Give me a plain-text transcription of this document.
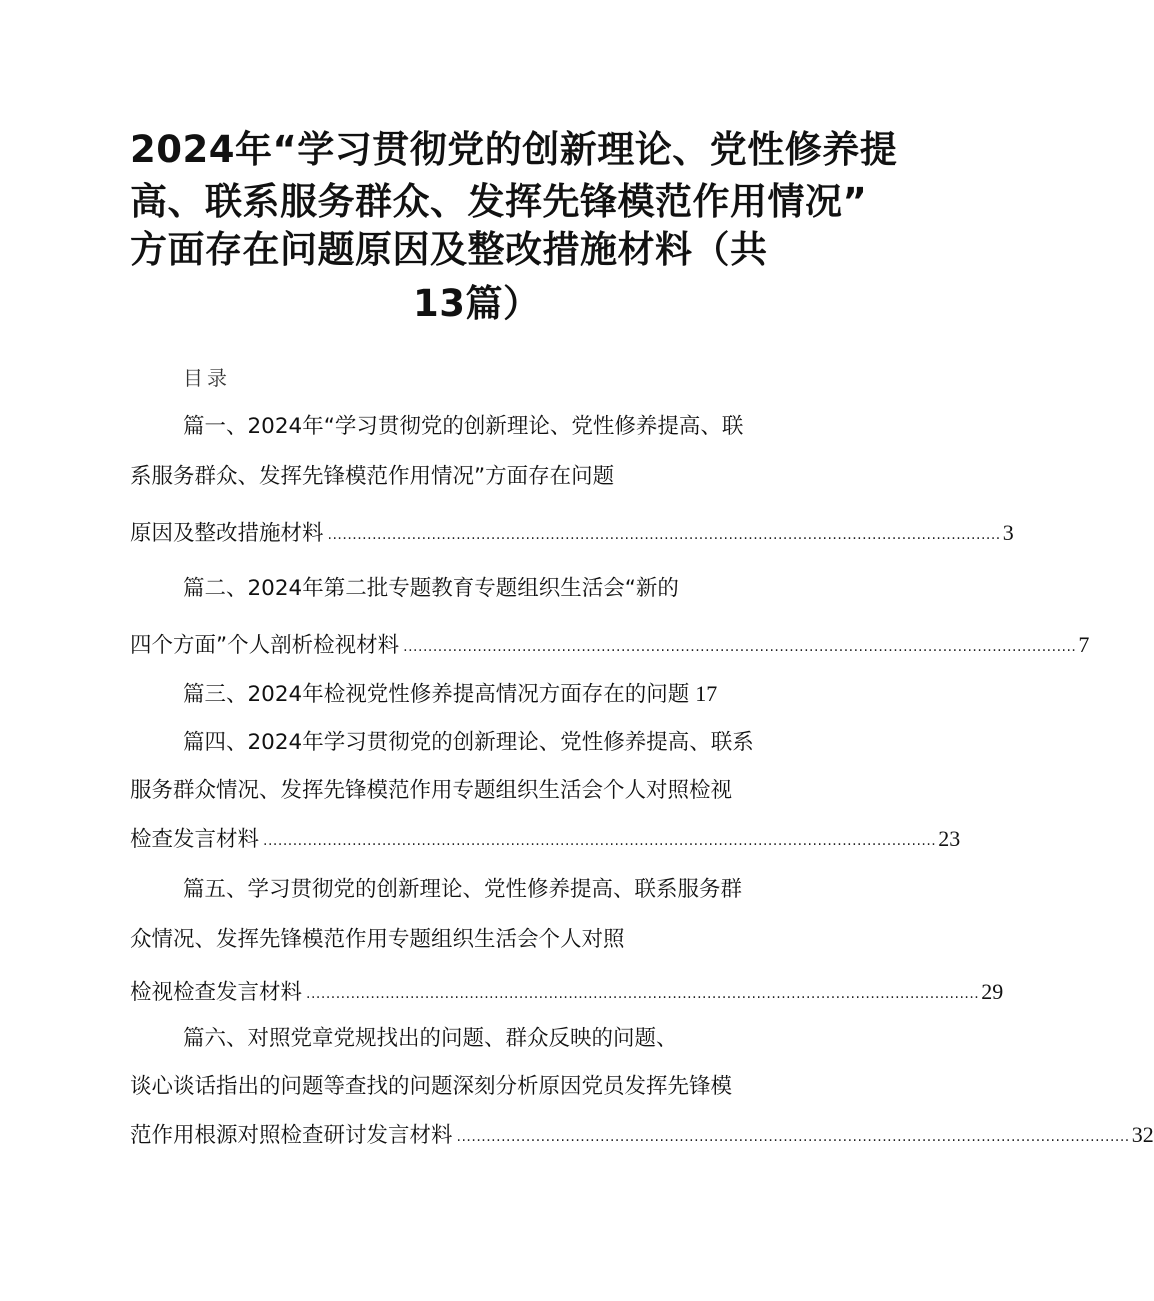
2024年“学习贯彻党的创新理论、党性修养提
高、联系服务群众、发挥先锋模范作用情况”
方面存在问题原因及整改措施材料（共
13篇）
目录
篇一、2024年“学习贯彻党的创新理论、党性修养提高、联
系服务群众、发挥先锋模范作用情况”方面存在问题
原因及整改措施材料 ........................................................................................................................................ 3
篇二、2024年第二批专题教育专题组织生活会“新的
四个方面”个人剖析检视材料 ........................................................................................................................................ 7
篇三、2024年检视党性修养提高情况方面存在的问题 17
篇四、2024年学习贯彻党的创新理论、党性修养提高、联系
服务群众情况、发挥先锋模范作用专题组织生活会个人对照检视
检查发言材料 ........................................................................................................................................ 23
篇五、学习贯彻党的创新理论、党性修养提高、联系服务群
众情况、发挥先锋模范作用专题组织生活会个人对照
检视检查发言材料 ........................................................................................................................................ 29
篇六、对照党章党规找出的问题、群众反映的问题、
谈心谈话指出的问题等查找的问题深刻分析原因党员发挥先锋模
范作用根源对照检查研讨发言材料 ........................................................................................................................................ 32
